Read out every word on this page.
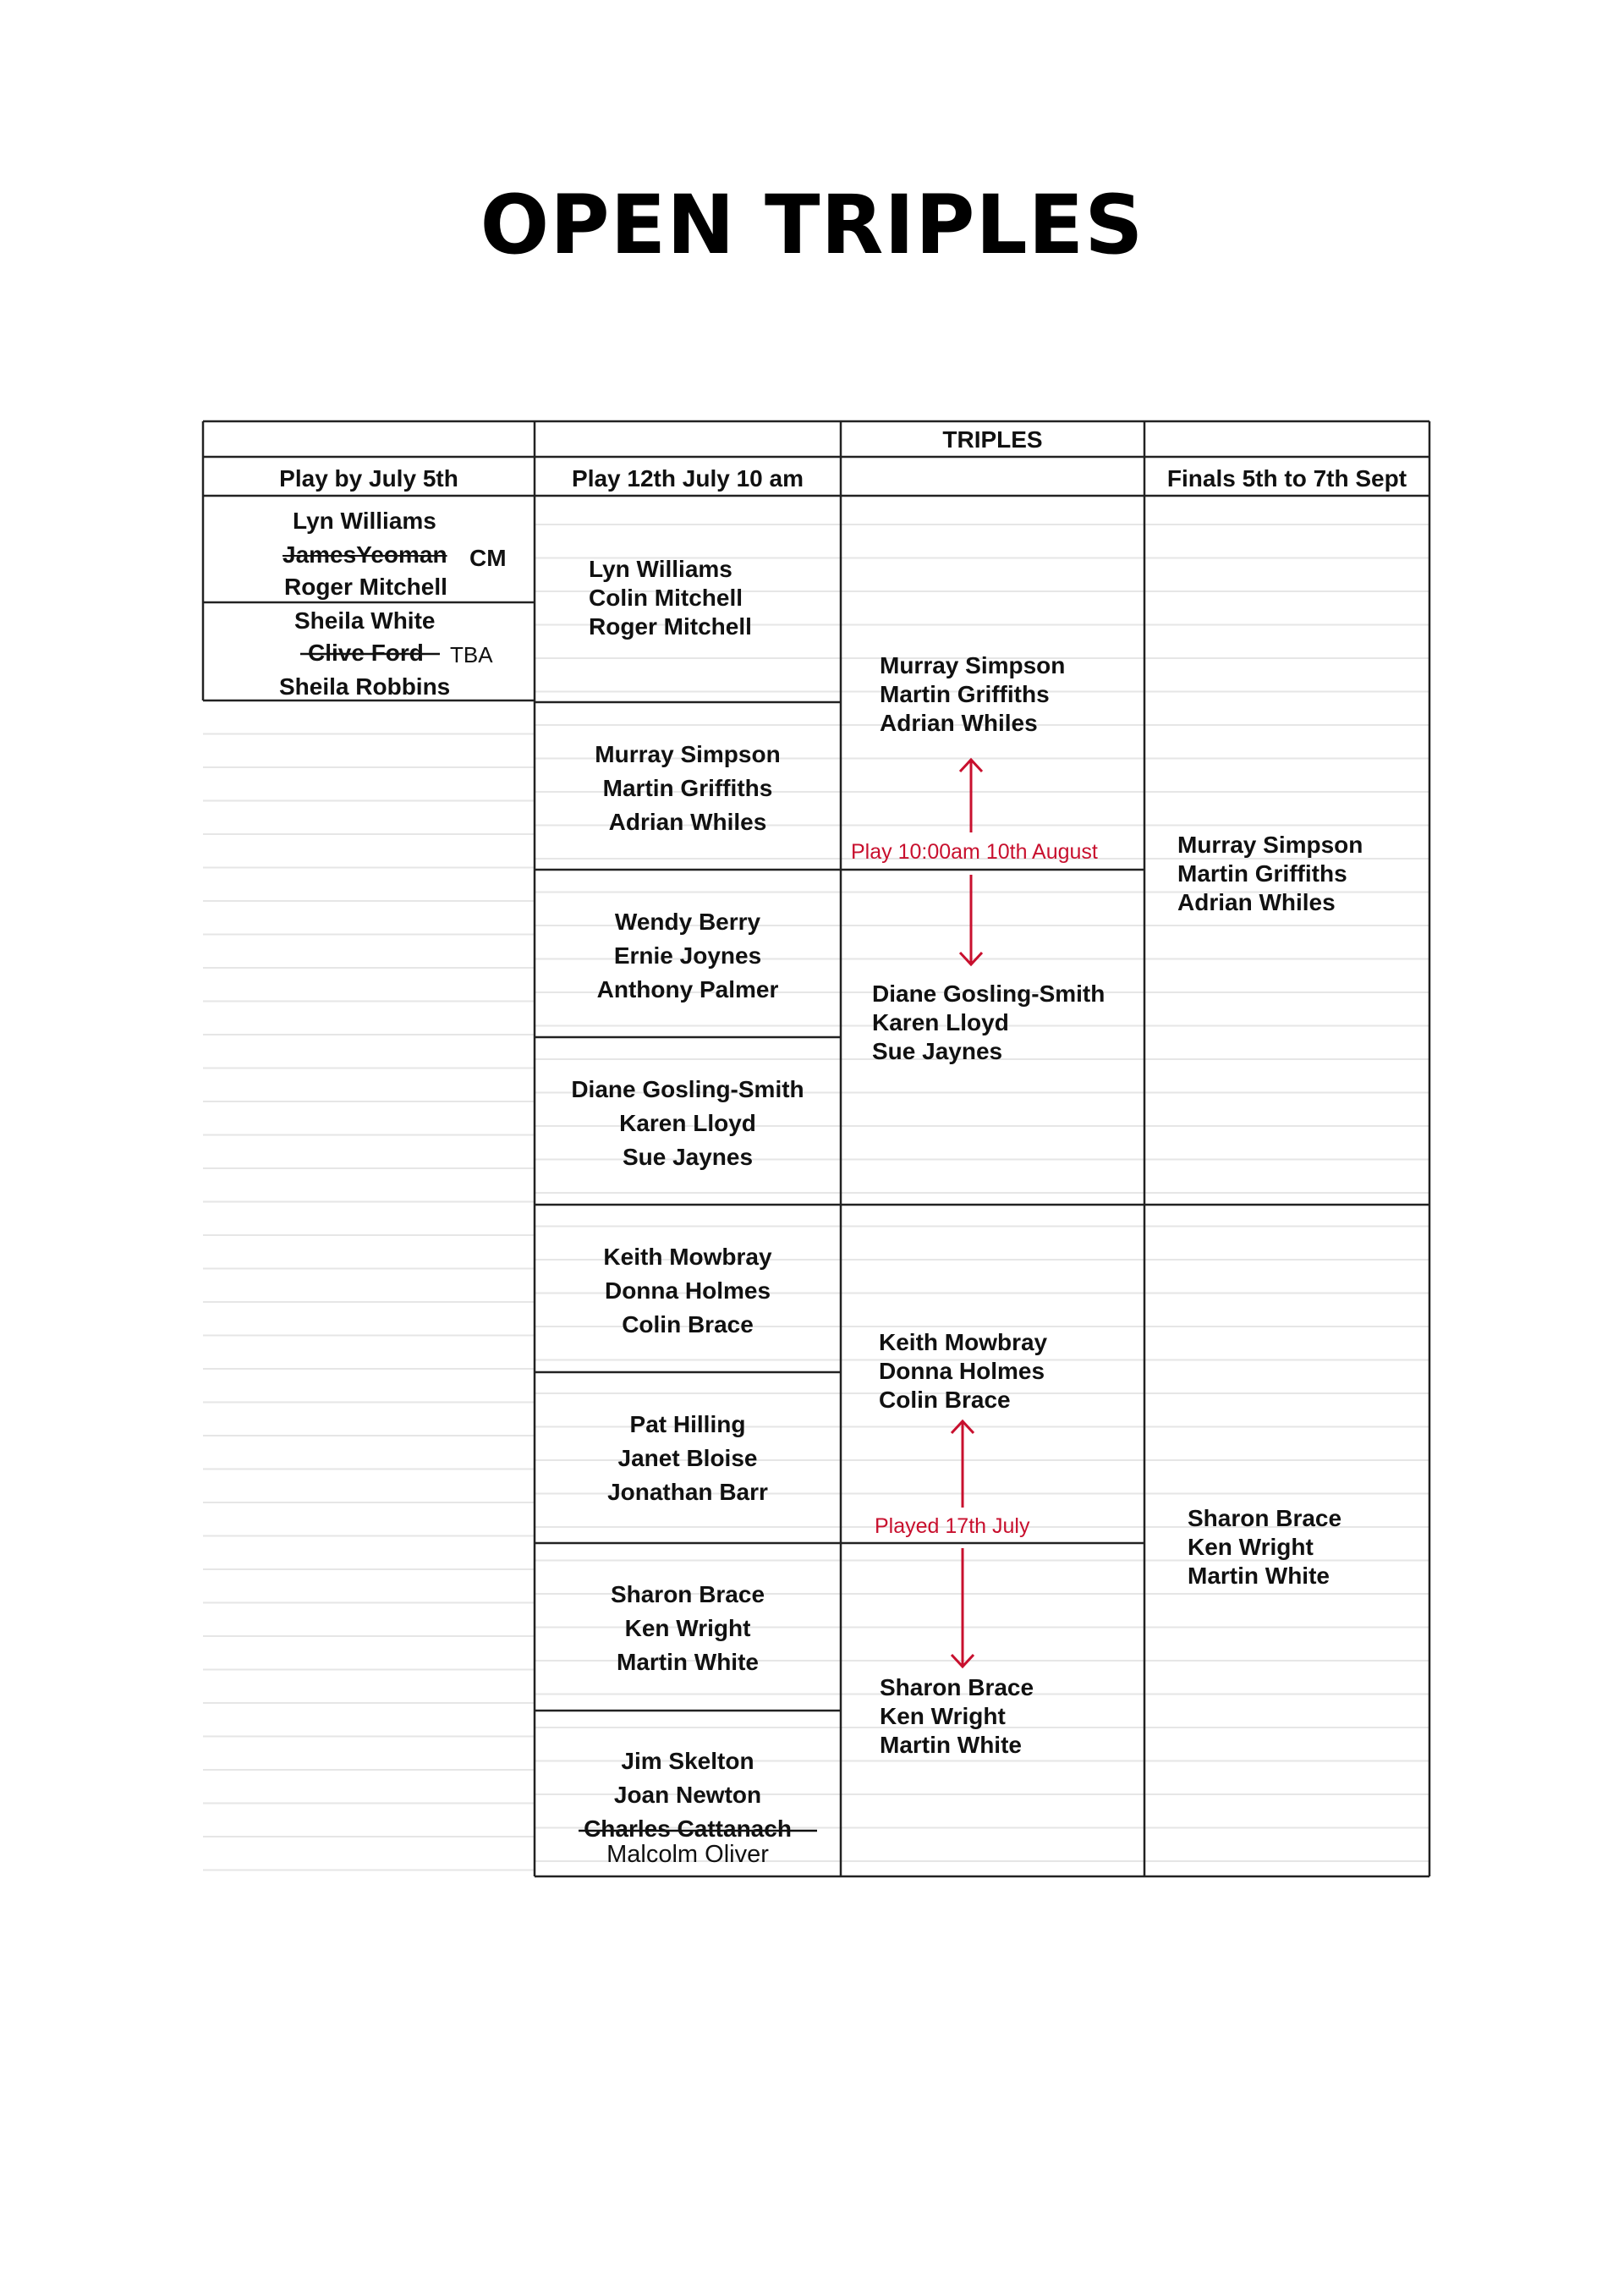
OPEN TRIPLES
TRIPLES
Play by July 5th	Play 12th July 10 am	Finals 5th to 7th Sept
Lyn Williams
JamesYeoman CM
Roger Mitchell
Sheila White
Clive Ford TBA
Sheila Robbins
Lyn Williams
Colin Mitchell
Roger Mitchell
Murray Simpson
Martin Griffiths
Adrian Whiles
Wendy Berry
Ernie Joynes
Anthony Palmer
Diane Gosling-Smith
Karen Lloyd
Sue Jaynes
Keith Mowbray
Donna Holmes
Colin Brace
Pat Hilling
Janet Bloise
Jonathan Barr
Sharon Brace
Ken Wright
Martin White
Jim Skelton
Joan Newton
Charles Cattanach
Malcolm Oliver
Murray Simpson
Martin Griffiths
Adrian Whiles
Play 10:00am 10th August
Diane Gosling-Smith
Karen Lloyd
Sue Jaynes
Keith Mowbray
Donna Holmes
Colin Brace
Played 17th July
Sharon Brace
Ken Wright
Martin White
Murray Simpson
Martin Griffiths
Adrian Whiles
Sharon Brace
Ken Wright
Martin White
